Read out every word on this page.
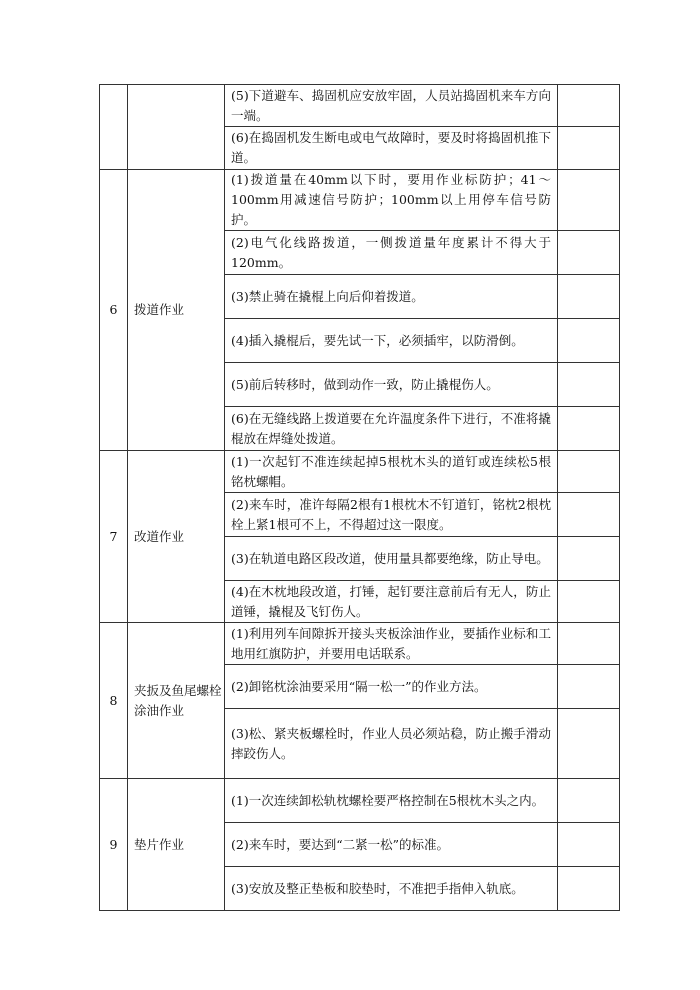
		(5)下道避车、捣固机应安放牢固，人员站捣固机来车方向一端。	
		(6)在捣固机发生断电或电气故障时，要及时将捣固机推下道。	
6	拨道作业	(1)拨道量在40mm以下时，要用作业标防护；41～100mm用减速信号防护；100mm以上用停车信号防护。	
		(2)电气化线路拨道，一侧拨道量年度累计不得大于120mm。	
		(3)禁止骑在撬棍上向后仰着拨道。	
		(4)插入撬棍后，要先试一下，必须插牢，以防滑倒。	
		(5)前后转移时，做到动作一致，防止撬棍伤人。	
		(6)在无缝线路上拨道要在允许温度条件下进行，不准将撬棍放在焊缝处拨道。	
7	改道作业	(1)一次起钉不准连续起掉5根枕木头的道钉或连续松5根铭枕螺帽。	
		(2)来车时，准许每隔2根有1根枕木不钉道钉，铭枕2根枕栓上紧1根可不上，不得超过这一限度。	
		(3)在轨道电路区段改道，使用量具都要绝缘，防止导电。	
		(4)在木枕地段改道，打锤，起钉要注意前后有无人，防止道锤，撬棍及飞钉伤人。	
8	夹扳及鱼尾螺栓涂油作业	(1)利用列车间隙拆开接头夹板涂油作业，要插作业标和工地用红旗防护，并要用电话联系。	
		(2)卸铭枕涂油要采用“隔一松一”的作业方法。	
		(3)松、紧夹板螺栓时，作业人员必须站稳，防止搬手滑动摔跤伤人。	
9	垫片作业	(1)一次连续卸松轨枕螺栓要严格控制在5根枕木头之内。	
		(2)来车时，要达到“二紧一松”的标准。	
		(3)安放及整正垫板和胶垫时，不准把手指伸入轨底。	
